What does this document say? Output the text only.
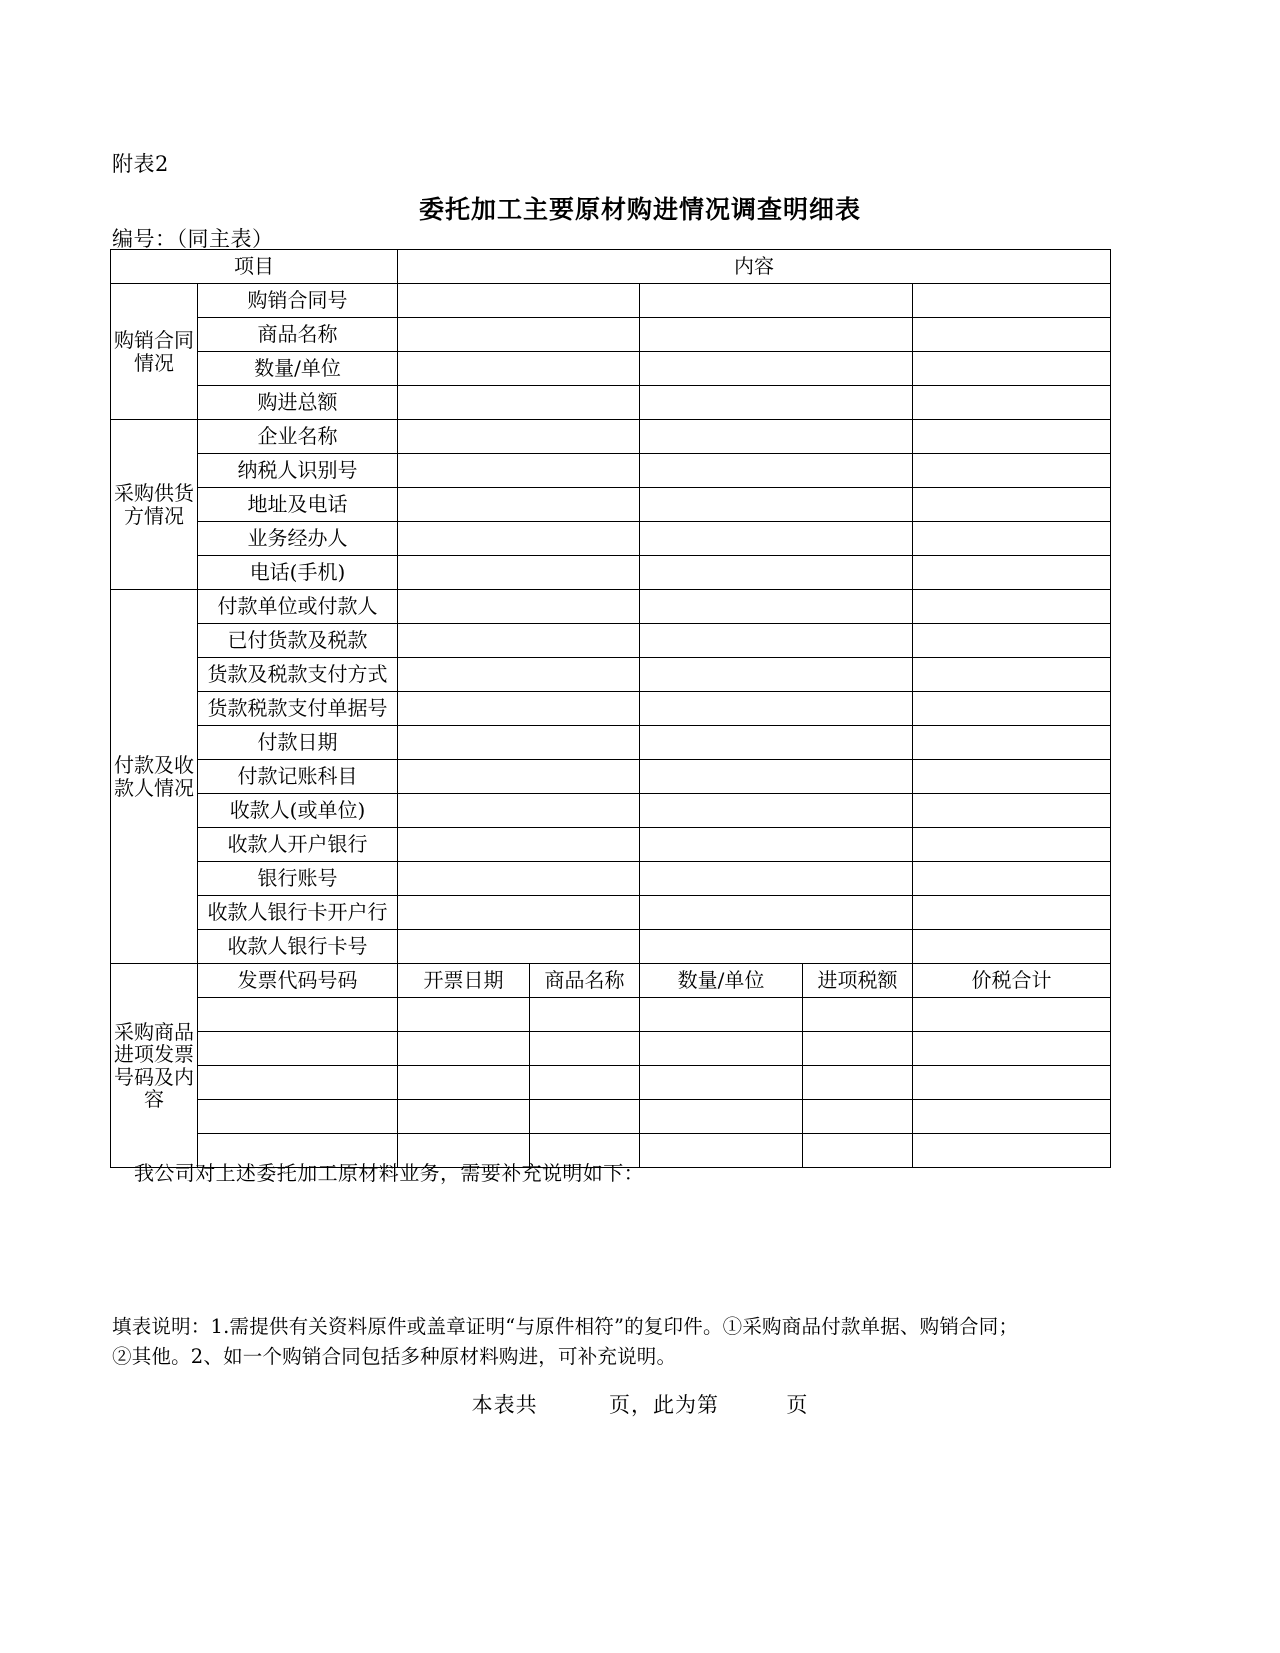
附表2
委托加工主要原材购进情况调查明细表
编号：（同主表）
项目		内容				
购销合同情况	购销合同号					
	商品名称					
	数量/单位					
	购进总额					
采购供货方情况	企业名称					
	纳税人识别号					
	地址及电话					
	业务经办人					
	电话(手机)					
付款及收款人情况	付款单位或付款人					
	已付货款及税款					
	货款及税款支付方式					
	货款税款支付单据号					
	付款日期					
	付款记账科目					
	收款人(或单位)					
	收款人开户银行					
	银行账号					
	收款人银行卡开户行					
	收款人银行卡号					
采购商品进项发票号码及内容	发票代码号码	开票日期	商品名称	数量/单位	进项税额	价税合计

我公司对上述委托加工原材料业务，需要补充说明如下：
填表说明：1.需提供有关资料原件或盖章证明“与原件相符”的复印件。①采购商品付款单据、购销合同；
②其他。2、如一个购销合同包括多种原材料购进，可补充说明。
本表共	页，此为第	页
